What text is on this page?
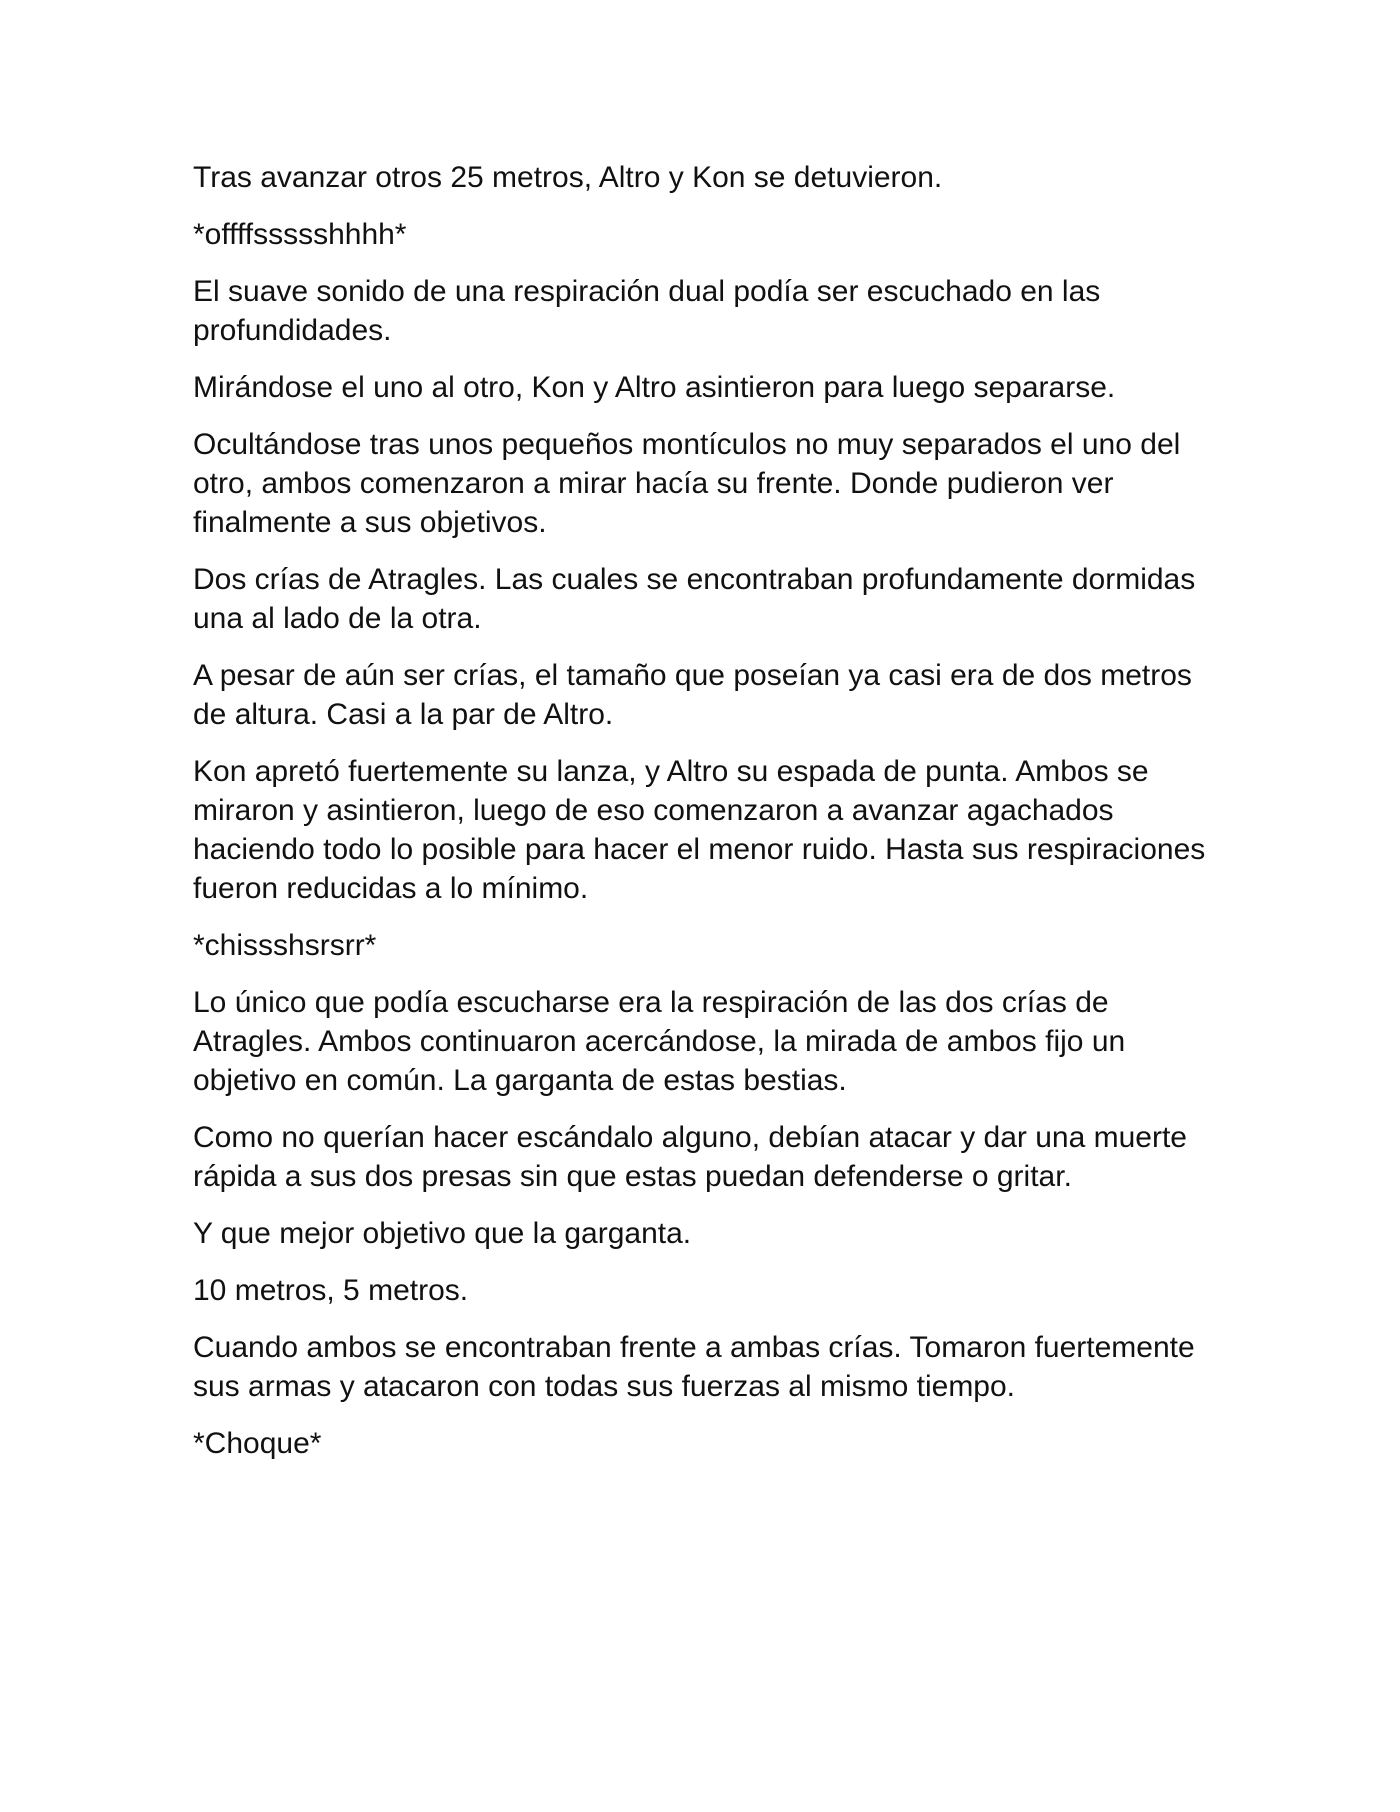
Tras avanzar otros 25 metros, Altro y Kon se detuvieron.

*offffssssshhhh*

El suave sonido de una respiración dual podía ser escuchado en las profundidades.

Mirándose el uno al otro, Kon y Altro asintieron para luego separarse.

Ocultándose tras unos pequeños montículos no muy separados el uno del otro, ambos comenzaron a mirar hacía su frente. Donde pudieron ver finalmente a sus objetivos.

Dos crías de Atragles. Las cuales se encontraban profundamente dormidas una al lado de la otra.

A pesar de aún ser crías, el tamaño que poseían ya casi era de dos metros de altura. Casi a la par de Altro.

Kon apretó fuertemente su lanza, y Altro su espada de punta. Ambos se miraron y asintieron, luego de eso comenzaron a avanzar agachados haciendo todo lo posible para hacer el menor ruido. Hasta sus respiraciones fueron reducidas a lo mínimo.

*chissshsrsrr*

Lo único que podía escucharse era la respiración de las dos crías de Atragles. Ambos continuaron acercándose, la mirada de ambos fijo un objetivo en común. La garganta de estas bestias.

Como no querían hacer escándalo alguno, debían atacar y dar una muerte rápida a sus dos presas sin que estas puedan defenderse o gritar.

Y que mejor objetivo que la garganta.

10 metros, 5 metros.

Cuando ambos se encontraban frente a ambas crías. Tomaron fuertemente sus armas y atacaron con todas sus fuerzas al mismo tiempo.

*Choque*
